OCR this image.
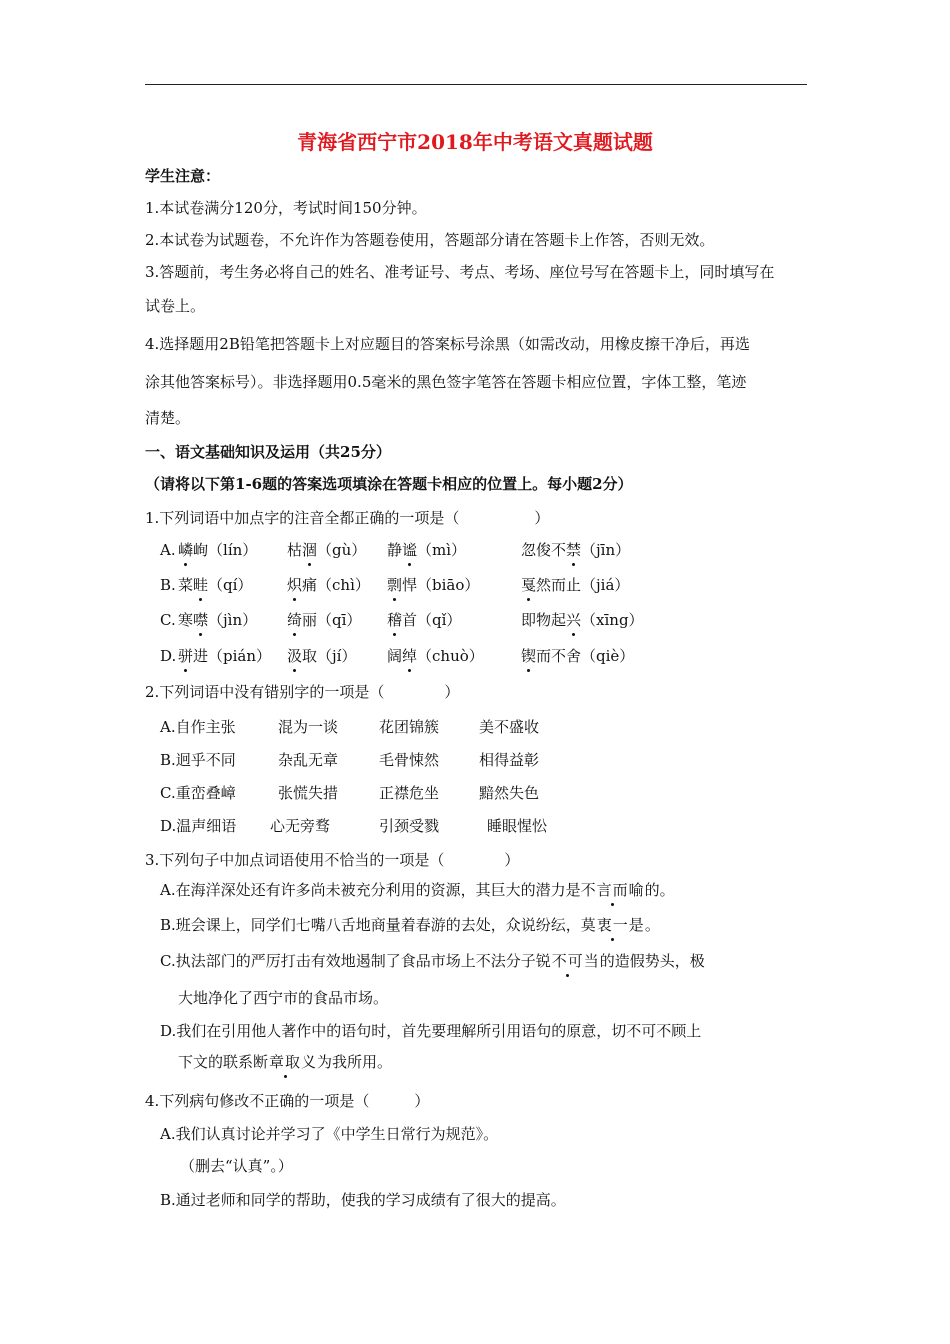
青海省西宁市2018年中考语文真题试题
学生注意：
1.本试卷满分120分，考试时间150分钟。
2.本试卷为试题卷，不允许作为答题卷使用，答题部分请在答题卡上作答，否则无效。
3.答题前，考生务必将自己的姓名、准考证号、考点、考场、座位号写在答题卡上，同时填写在
试卷上。
4.选择题用2B铅笔把答题卡上对应题目的答案标号涂黑（如需改动，用橡皮擦干净后，再选
涂其他答案标号）。非选择题用0.5毫米的黑色签字笔答在答题卡相应位置，字体工整，笔迹
清楚。
一、语文基础知识及运用（共25分）
（请将以下第1-6题的答案选项填涂在答题卡相应的位置上。每小题2分）
1.下列词语中加点字的注音全都正确的一项是（　　　　　）
A. 嶙峋（lín） 枯涸（gù） 静谧（mì）	忽俊不禁（jīn）
B. 菜畦（qí） 炽痛（chì） 剽悍（biāo）	戛然而止（jiá）
C. 寒噤（jìn） 绮丽（qī） 稽首（qǐ）	即物起兴（xīng）
D. 骈进（pián） 汲取（jí） 阔绰（chuò） 锲而不舍（qiè）
2.下列词语中没有错别字的一项是（　　　　）
A.自作主张	混为一谈	花团锦簇	美不盛收
B.迥乎不同	杂乱无章	毛骨悚然	相得益彰
C.重峦叠嶂	张慌失措	正襟危坐	黯然失色
D.温声细语 心无旁骛	引颈受戮	睡眼惺忪
3.下列句子中加点词语使用不恰当的一项是（　　　　）
A.在海洋深处还有许多尚未被充分利用的资源，其巨大的潜力是不言而喻的。
B.班会课上，同学们七嘴八舌地商量着春游的去处，众说纷纭，莫衷一是。
C.执法部门的严厉打击有效地遏制了食品市场上不法分子锐不可当的造假势头，极
大地净化了西宁市的食品市场。
D.我们在引用他人著作中的语句时，首先要理解所引用语句的原意，切不可不顾上
下文的联系断章取义为我所用。
4.下列病句修改不正确的一项是（　　　）
A.我们认真讨论并学习了《中学生日常行为规范》。
（删去“认真”。）
B.通过老师和同学的帮助，使我的学习成绩有了很大的提高。
